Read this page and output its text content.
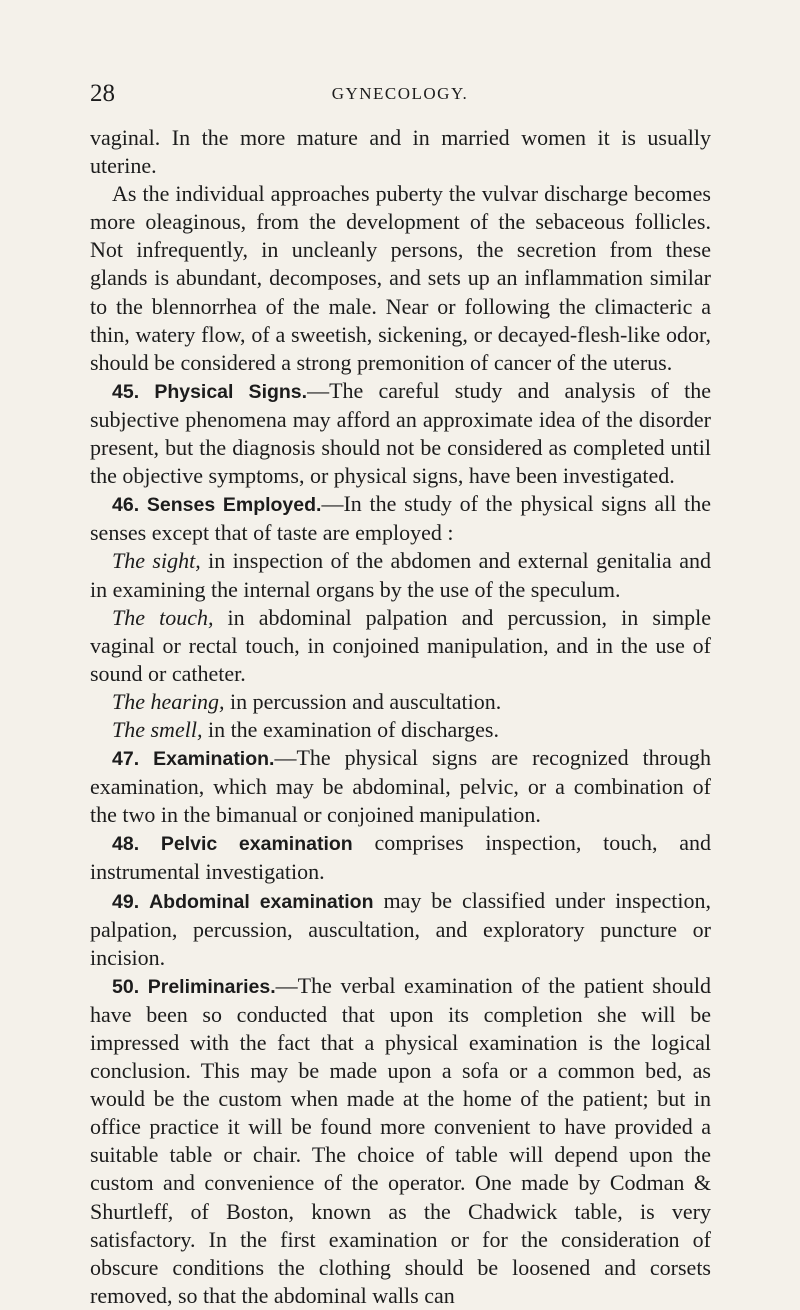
28	GYNECOLOGY.

vaginal. In the more mature and in married women it is usually uterine.

As the individual approaches puberty the vulvar discharge becomes more oleaginous, from the development of the sebaceous follicles. Not infrequently, in uncleanly persons, the secretion from these glands is abundant, decomposes, and sets up an inflammation similar to the blennorrhea of the male. Near or following the climacteric a thin, watery flow, of a sweetish, sickening, or decayed-flesh-like odor, should be considered a strong premonition of cancer of the uterus.

45. Physical Signs.—The careful study and analysis of the subjective phenomena may afford an approximate idea of the disorder present, but the diagnosis should not be considered as completed until the objective symptoms, or physical signs, have been investigated.

46. Senses Employed.—In the study of the physical signs all the senses except that of taste are employed :

The sight, in inspection of the abdomen and external genitalia and in examining the internal organs by the use of the speculum.

The touch, in abdominal palpation and percussion, in simple vaginal or rectal touch, in conjoined manipulation, and in the use of sound or catheter.

The hearing, in percussion and auscultation.

The smell, in the examination of discharges.

47. Examination.—The physical signs are recognized through examination, which may be abdominal, pelvic, or a combination of the two in the bimanual or conjoined manipulation.

48. Pelvic examination comprises inspection, touch, and instrumental investigation.

49. Abdominal examination may be classified under inspection, palpation, percussion, auscultation, and exploratory puncture or incision.

50. Preliminaries.—The verbal examination of the patient should have been so conducted that upon its completion she will be impressed with the fact that a physical examination is the logical conclusion. This may be made upon a sofa or a common bed, as would be the custom when made at the home of the patient; but in office practice it will be found more convenient to have provided a suitable table or chair. The choice of table will depend upon the custom and convenience of the operator. One made by Codman & Shurtleff, of Boston, known as the Chadwick table, is very satisfactory. In the first examination or for the consideration of obscure conditions the clothing should be loosened and corsets removed, so that the abdominal walls can
